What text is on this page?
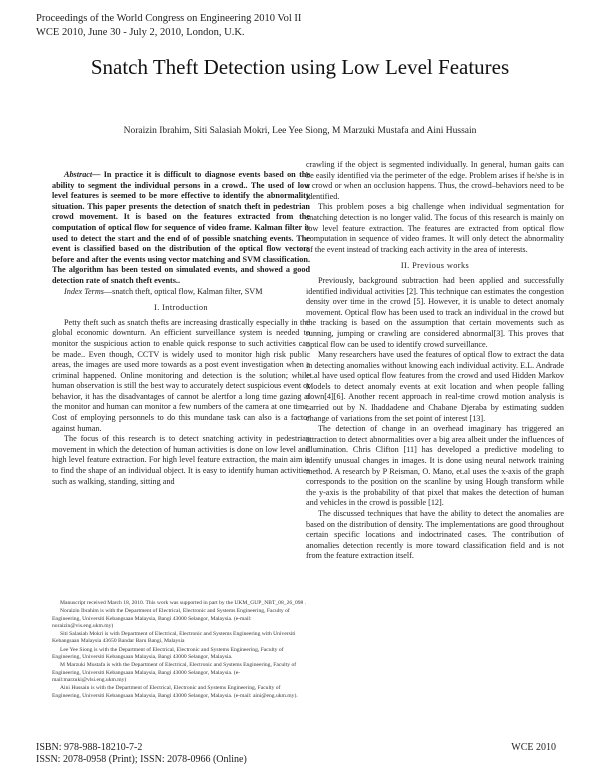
Proceedings of the World Congress on Engineering 2010 Vol II
WCE 2010, June 30 - July 2, 2010, London, U.K.
Snatch Theft Detection using Low Level Features
Noraizin Ibrahim, Siti Salasiah Mokri, Lee Yee Siong, M Marzuki Mustafa and Aini Hussain

Abstract— In practice it is difficult to diagnose events based on the ability to segment the individual persons in a crowd.. The used of low level features is seemed to be more effective to identify the abnormality situation. This paper presents the detection of snatch theft in pedestrian crowd movement. It is based on the features extracted from the computation of optical flow for sequence of video frame. Kalman filter is used to detect the start and the end of of possible snatching events. The event is classified based on the distribution of the optical flow vectors before and after the events using vector matching and SVM classification. The algorithm has been tested on simulated events, and showed a good detection rate of snatch theft events..

Index Terms—snatch theft, optical flow, Kalman filter, SVM

I. Introduction

Petty theft such as snatch thefts are increasing drastically especially in the global economic downturn. An efficient surveillance system is needed to monitor the suspicious action to enable quick response to such activities can be made.. Even though, CCTV is widely used to monitor high risk public areas, the images are used more towards as a post event investigation when a criminal happened. Online monitoring and detection is the solution; while human observation is still the best way to accurately detect suspicious event or behavior, it has the disadvantages of cannot be alertfor a long time gazing at the monitor and human can monitor a few numbers of the camera at one time. Cost of employing personnels to do this mundane task can also is a factor against human.

The focus of this research is to detect snatching activity in pedestrian movement in which the detection of human activities is done on low level and high level feature extraction. For high level feature extraction, the main aim is to find the shape of an individual object. It is easy to identify human activities such as walking, standing, sitting and

Manuscript received March 18, 2010. This work was supported in part by the UKM_GUP_NBT_08_26_098 .

Noraizin Ibrahim is with the Department of Electrical, Electronic and Systems Engineering, Faculty of Engineering, Universiti Kebangsaan Malaysia, Bangi 43000 Selangor, Malaysia. (e-mail: noraizin@vis.eng.ukm.my)

Siti Salasiah Mokri is with Department of Electrical, Electronic and Systems Engineering with Universiti Kebangsaan Malaysia 43650 Bandar Baru Bangi, Malaysia

Lee Yee Siong is with the Department of Electrical, Electronic and Systems Engineering, Faculty of Engineering, Universiti Kebangsaan Malaysia, Bangi 43000 Selangor, Malaysia.

M Marzuki Mustafa is with the Department of Electrical, Electronic and Systems Engineering, Faculty of Engineering, Universiti Kebangsaan Malaysia, Bangi 43000 Selangor, Malaysia. (e-mail:marzuki@vlsi.eng.ukm.my)

Aini Hussain is with the Department of Electrical, Electronic and Systems Engineering, Faculty of Engineering, Universiti Kebangsaan Malaysia, Bangi 43000 Selangor, Malaysia. (e-mail: aini@eng.ukm.my).

crawling if the object is segmented individually. In general, human gaits can be easily identified via the perimeter of the edge. Problem arises if he/she is in a crowd or when an occlusion happens. Thus, the crowd–behaviors need to be identified.

This problem poses a big challenge when individual segmentation for snatching detection is no longer valid. The focus of this research is mainly on low level feature extraction. The features are extracted from optical flow computation in sequence of video frames. It will only detect the abnormality of the event instead of tracking each activity in the area of interests.

II. Previous works

Previously, background subtraction had been applied and successfully identified individual activities [2]. This technique can estimates the congestion density over time in the crowd [5]. However, it is unable to detect anomaly movement. Optical flow has been used to track an individual in the crowd but the tracking is based on the assumption that certain movements such as running, jumping or crawling are considered abnormal[3]. This proves that optical flow can be used to identify crowd surveillance.

Many researchers have used the features of optical flow to extract the data in detecting anomalies without knowing each individual activity. E.L. Andrade et.al have used optical flow features from the crowd and used Hidden Markov Models to detect anomaly events at exit location and when people falling down[4][6]. Another recent approach in real-time crowd motion analysis is carried out by N. Ihaddadene and Chabane Djeraba by estimating sudden change of variations from the set point of interest [13].

The detection of change in an overhead imaginary has triggered an attraction to detect abnormalities over a big area albeit under the influences of illumination. Chris Clifton [11] has developed a predictive modeling to identify unusual changes in images. It is done using neural network training method. A research by P Reisman, O. Mano, et.al uses the x-axis of the graph corresponds to the position on the scanline by using Hough transform while the y-axis is the probability of that pixel that makes the detection of human and vehicles in the crowd is possible [12].

The discussed techniques that have the ability to detect the anomalies are based on the distribution of density. The implementations are good throughout certain specific locations and indoctrinated cases. The contribution of anomalies detection recently is more toward classification field and is not from the feature extraction itself.

ISBN: 978-988-18210-7-2
ISSN: 2078-0958 (Print); ISSN: 2078-0966 (Online)
WCE 2010
